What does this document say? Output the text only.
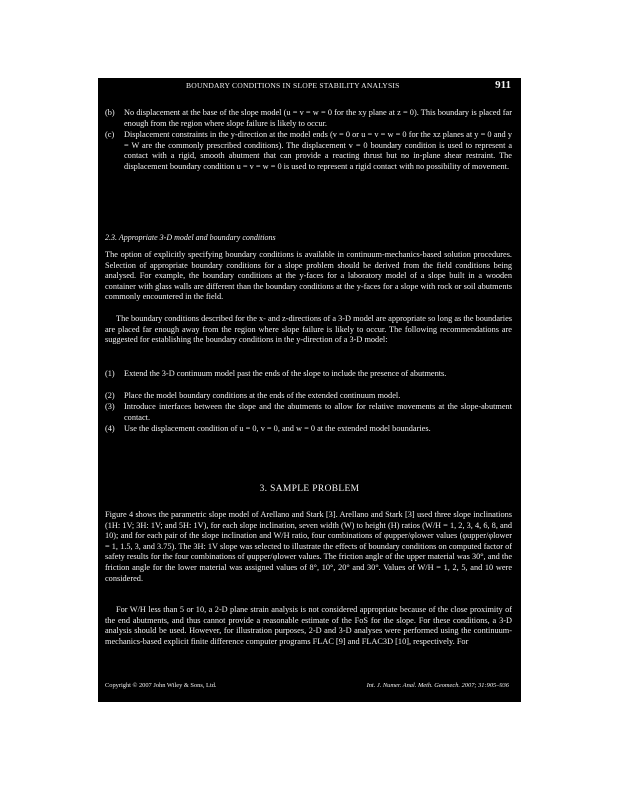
BOUNDARY CONDITIONS IN SLOPE STABILITY ANALYSIS	911
(b) No displacement at the base of the slope model (u = v = w = 0 for the xy plane at z = 0). This boundary is placed far enough from the region where slope failure is likely to occur.
(c) Displacement constraints in the y-direction at the model ends (v = 0 or u = v = w = 0 for the xz planes at y = 0 and y = W are the commonly prescribed conditions). The displacement v = 0 boundary condition is used to represent a contact with a rigid, smooth abutment that can provide a reacting thrust but no in-plane shear restraint. The displacement boundary condition u = v = w = 0 is used to represent a rigid contact with no possibility of movement.
2.3. Appropriate 3-D model and boundary conditions
The option of explicitly specifying boundary conditions is available in continuum-mechanics-based solution procedures. Selection of appropriate boundary conditions for a slope problem should be derived from the field conditions being analysed. For example, the boundary conditions at the y-faces for a laboratory model of a slope built in a wooden container with glass walls are different than the boundary conditions at the y-faces for a slope with rock or soil abutments commonly encountered in the field.
The boundary conditions described for the x- and z-directions of a 3-D model are appropriate so long as the boundaries are placed far enough away from the region where slope failure is likely to occur. The following recommendations are suggested for establishing the boundary conditions in the y-direction of a 3-D model:
(1) Extend the 3-D continuum model past the ends of the slope to include the presence of abutments.
(2) Place the model boundary conditions at the ends of the extended continuum model.
(3) Introduce interfaces between the slope and the abutments to allow for relative movements at the slope-abutment contact.
(4) Use the displacement condition of u = 0, v = 0, and w = 0 at the extended model boundaries.
3. SAMPLE PROBLEM
Figure 4 shows the parametric slope model of Arellano and Stark [3]. Arellano and Stark [3] used three slope inclinations (1H: 1V; 3H: 1V; and 5H: 1V), for each slope inclination, seven width (W) to height (H) ratios (W/H = 1, 2, 3, 4, 6, 8, and 10); and for each pair of the slope inclination and W/H ratio, four combinations of φupper/φlower values (φupper/φlower = 1, 1.5, 3, and 3.75). The 3H: 1V slope was selected to illustrate the effects of boundary conditions on computed factor of safety results for the four combinations of φupper/φlower values. The friction angle of the upper material was 30°, and the friction angle for the lower material was assigned values of 8°, 10°, 20° and 30°. Values of W/H = 1, 2, 5, and 10 were considered.
For W/H less than 5 or 10, a 2-D plane strain analysis is not considered appropriate because of the close proximity of the end abutments, and thus cannot provide a reasonable estimate of the FoS for the slope. For these conditions, a 3-D analysis should be used. However, for illustration purposes, 2-D and 3-D analyses were performed using the continuum-mechanics-based explicit finite difference computer programs FLAC [9] and FLAC3D [10], respectively. For
Copyright © 2007 John Wiley & Sons, Ltd.	Int. J. Numer. Anal. Meth. Geomech. 2007; 31:905–936
